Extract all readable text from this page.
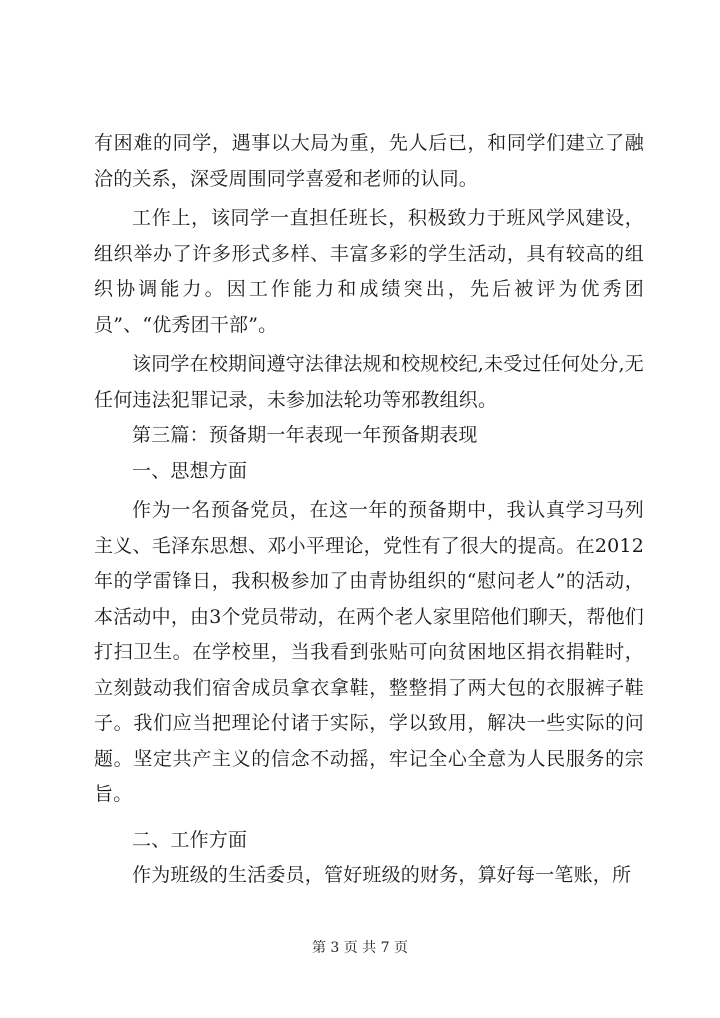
有困难的同学，遇事以大局为重，先人后已，和同学们建立了融洽的关系，深受周围同学喜爱和老师的认同。

工作上，该同学一直担任班长，积极致力于班风学风建设，组织举办了许多形式多样、丰富多彩的学生活动，具有较高的组织协调能力。因工作能力和成绩突出，先后被评为优秀团员”、“优秀团干部”。

该同学在校期间遵守法律法规和校规校纪,未受过任何处分,无任何违法犯罪记录，未参加法轮功等邪教组织。

第三篇：预备期一年表现一年预备期表现

一、思想方面

作为一名预备党员，在这一年的预备期中，我认真学习马列主义、毛泽东思想、邓小平理论，党性有了很大的提高。在2012年的学雷锋日，我积极参加了由青协组织的“慰问老人”的活动，本活动中，由3个党员带动，在两个老人家里陪他们聊天，帮他们打扫卫生。在学校里，当我看到张贴可向贫困地区捐衣捐鞋时，立刻鼓动我们宿舍成员拿衣拿鞋，整整捐了两大包的衣服裤子鞋子。我们应当把理论付诸于实际，学以致用，解决一些实际的问题。坚定共产主义的信念不动摇，牢记全心全意为人民服务的宗旨。

二、工作方面

作为班级的生活委员，管好班级的财务，算好每一笔账，所

第 3 页 共 7 页
